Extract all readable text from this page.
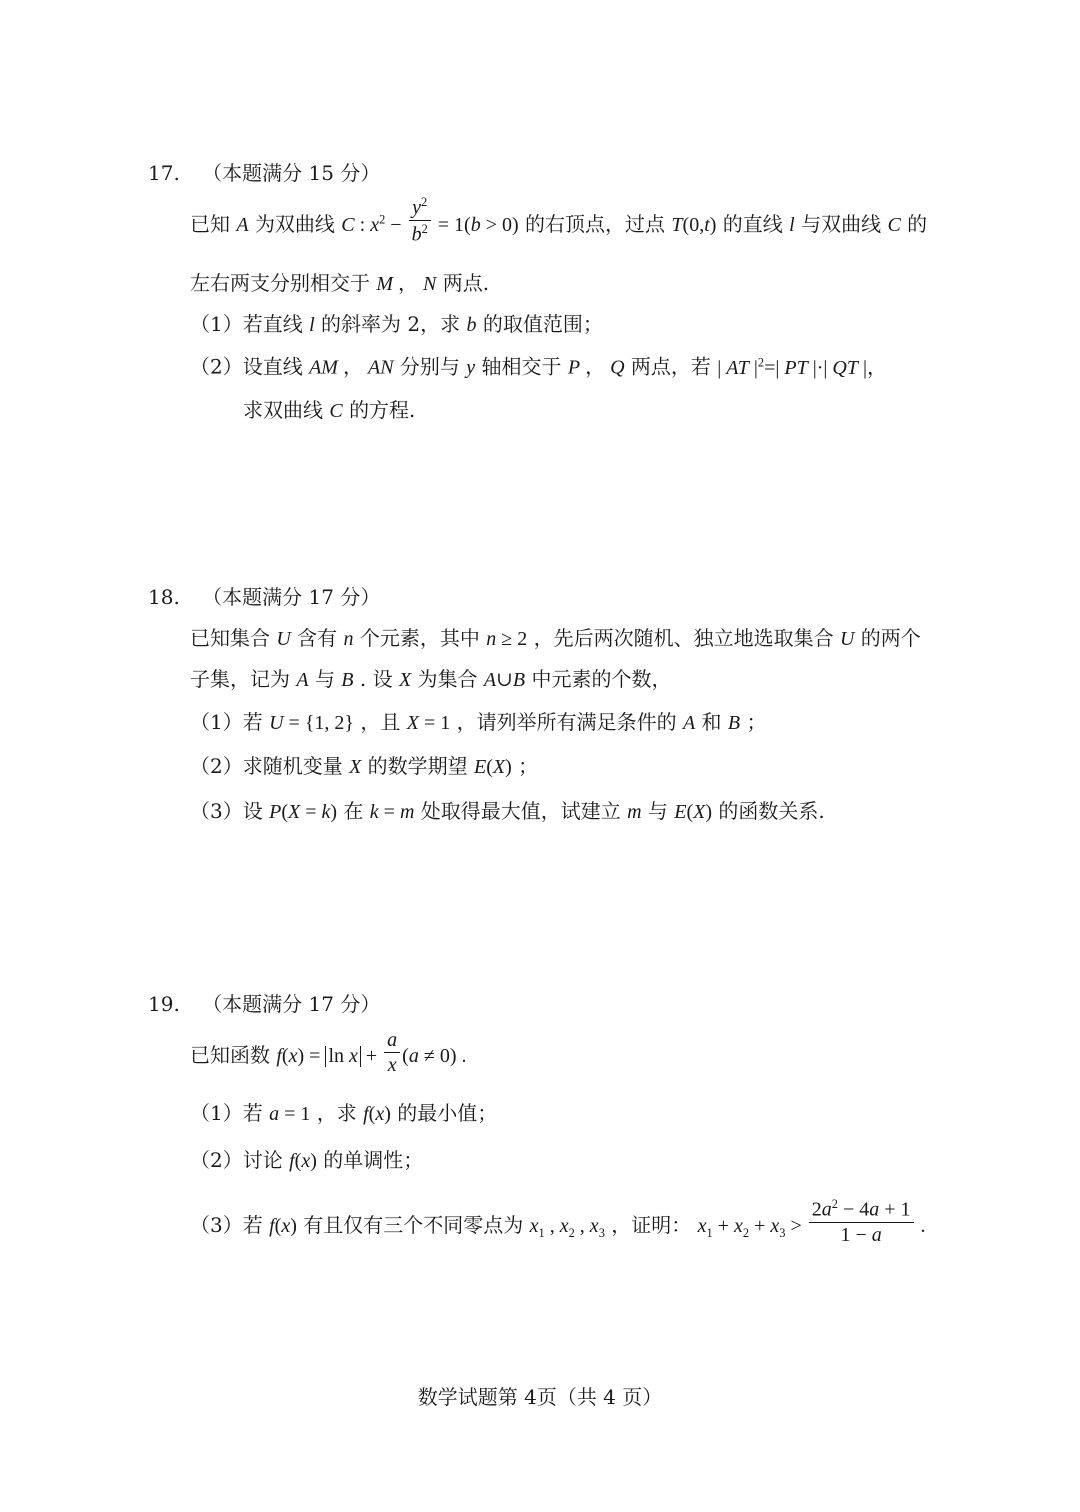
17. （本题满分 15 分）
已知 A 为双曲线 C : $x^2 - \frac{y^2}{b^2} = 1(b > 0)$ 的右顶点，过点 T(0,t) 的直线 l 与双曲线 C 的
左右两支分别相交于 M ， N 两点.
（1）若直线 l 的斜率为 2，求 b 的取值范围；
（2）设直线 AM ， AN 分别与 y 轴相交于 P ， Q 两点，若 | AT $|^2=|$ PT |·| QT |，
求双曲线 C 的方程.
18. （本题满分 17 分）
已知集合 U 含有 n 个元素，其中 n ≥ 2 ，先后两次随机、独立地选取集合 U 的两个
子集，记为 A 与 B . 设 X 为集合 A∪B 中元素的个数，
（1）若 U = {1, 2} ，且 X = 1 ，请列举所有满足条件的 A 和 B ；
（2）求随机变量 X 的数学期望 E(X) ；
（3）设 P(X = k) 在 k = m 处取得最大值，试建立 m 与 E(X) 的函数关系.
19. （本题满分 17 分）
已知函数 $f(x) = \ln x + \frac{a}{x} (a \ne 0)$ .
（1）若 a = 1 ，求 f(x) 的最小值；
（2）讨论 f(x) 的单调性；
（3）若 f(x) 有且仅有三个不同零点为 $x_1$ , $x_2$ , $x_3$ ，证明： $x_1 + x_2 + x_3 > \frac{2a^2 - 4a + 1}{1 - a}$ .
数学试题第 4页（共 4 页）
